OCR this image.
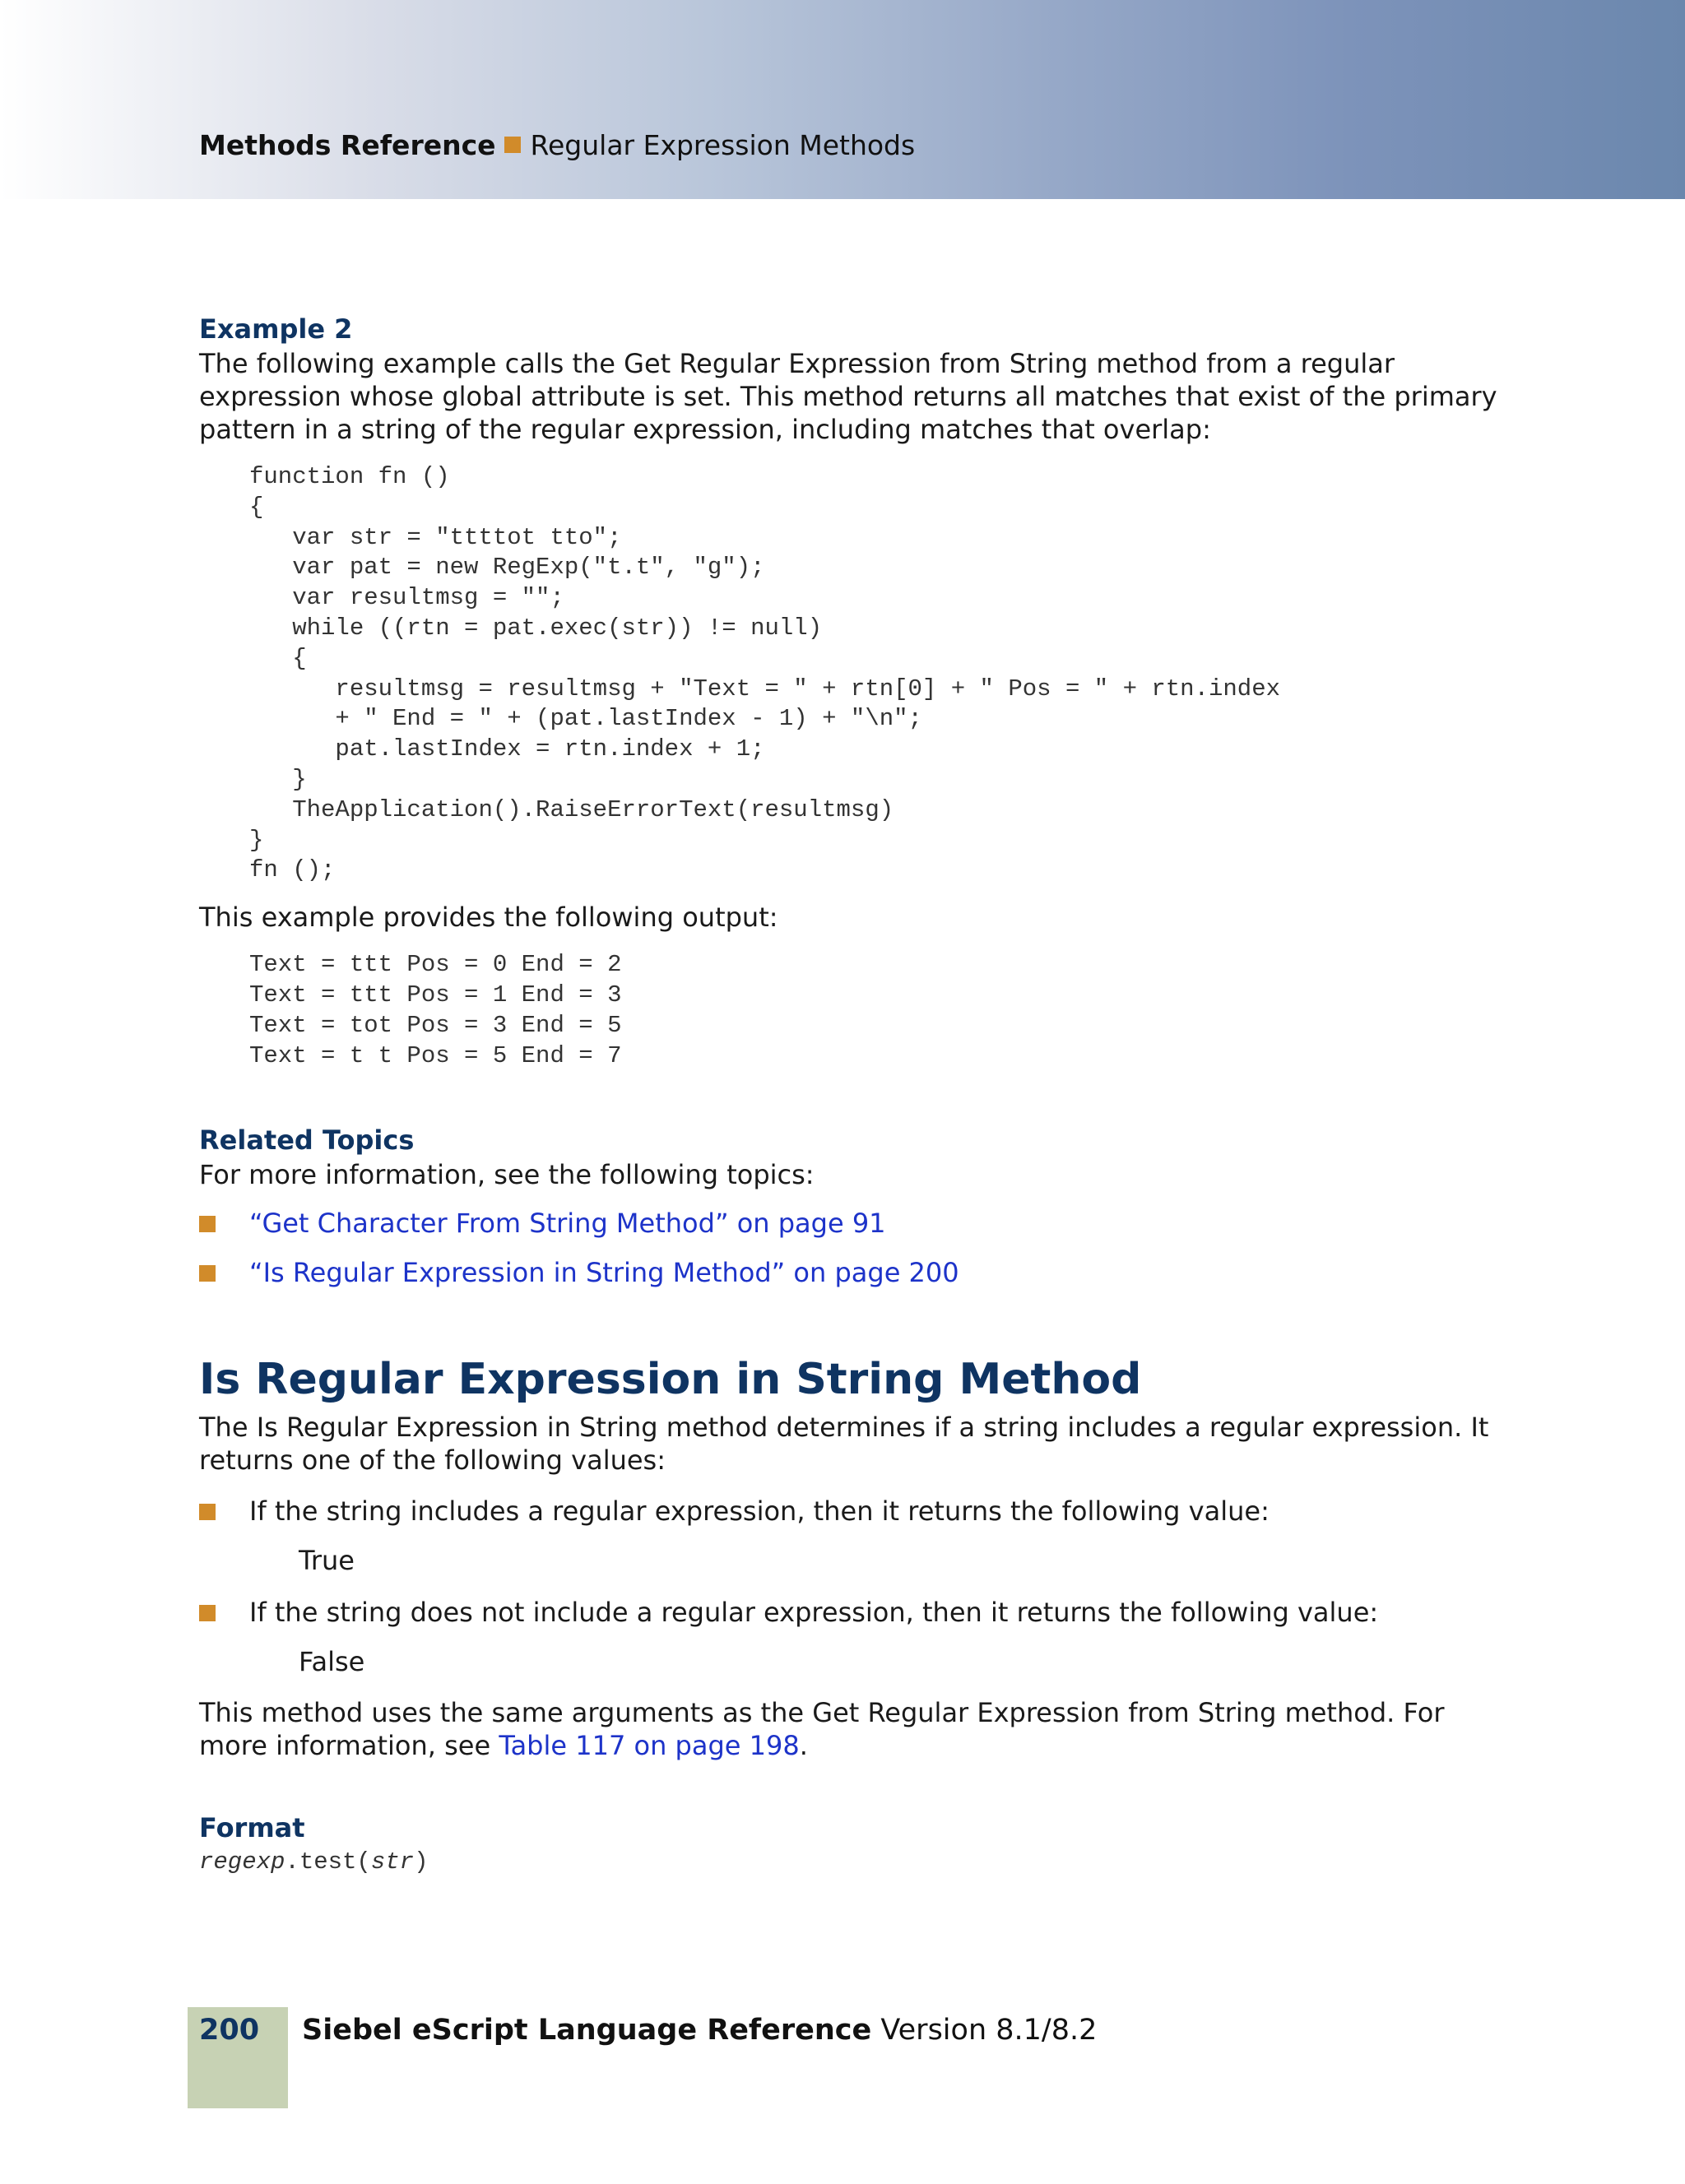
Methods Reference Regular Expression Methods

Example 2

The following example calls the Get Regular Expression from String method from a regular expression whose global attribute is set. This method returns all matches that exist of the primary pattern in a string of the regular expression, including matches that overlap:

function fn ()
{
var str = "ttttot tto";
var pat = new RegExp("t.t", "g");
var resultmsg = "";
while ((rtn = pat.exec(str)) != null)
{
resultmsg = resultmsg + "Text = " + rtn[0] + " Pos = " + rtn.index
+ " End = " + (pat.lastIndex - 1) + "\n";
pat.lastIndex = rtn.index + 1;
}
TheApplication().RaiseErrorText(resultmsg)
}
fn ();

This example provides the following output:

Text = ttt Pos = 0 End = 2
Text = ttt Pos = 1 End = 3
Text = tot Pos = 3 End = 5
Text = t t Pos = 5 End = 7

Related Topics

For more information, see the following topics:

“Get Character From String Method” on page 91
“Is Regular Expression in String Method” on page 200
Is Regular Expression in String Method

The Is Regular Expression in String method determines if a string includes a regular expression. It returns one of the following values:

If the string includes a regular expression, then it returns the following value:
True
If the string does not include a regular expression, then it returns the following value:
False

This method uses the same arguments as the Get Regular Expression from String method. For more information, see Table 117 on page 198.

Format

regexp.test(str)
200 Siebel eScript Language Reference Version 8.1/8.2
